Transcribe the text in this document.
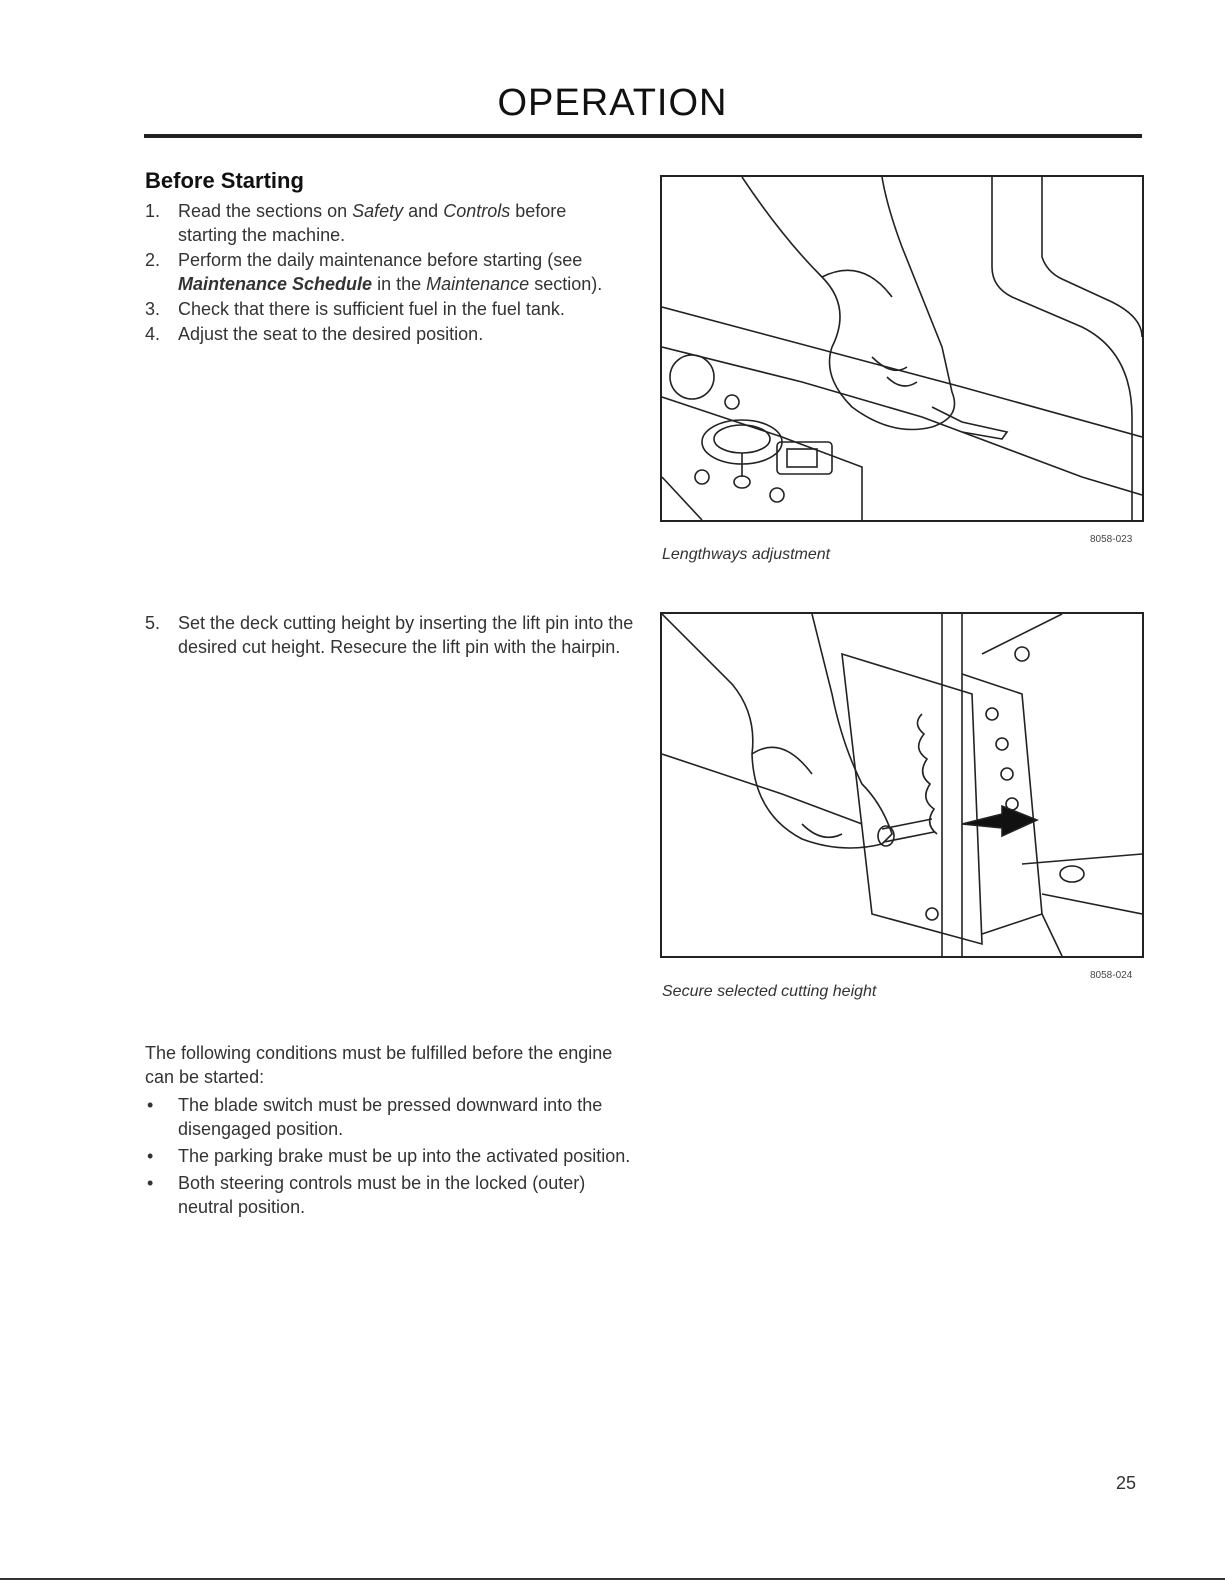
OPERATION
Before Starting
1. Read the sections on Safety and Controls before starting the machine.
2. Perform the daily maintenance before starting (see Maintenance Schedule in the Maintenance section).
3. Check that there is sufficient fuel in the fuel tank.
4. Adjust the seat to the desired position.
8058-023
Lengthways adjustment
5. Set the deck cutting height by inserting the lift pin into the desired cut height. Resecure the lift pin with the hairpin.
8058-024
Secure selected cutting height
The following conditions must be fulfilled before the engine can be started:
• The blade switch must be pressed downward into the disengaged position.
• The parking brake must be up into the activated position.
• Both steering controls must be in the locked (outer) neutral position.
25
